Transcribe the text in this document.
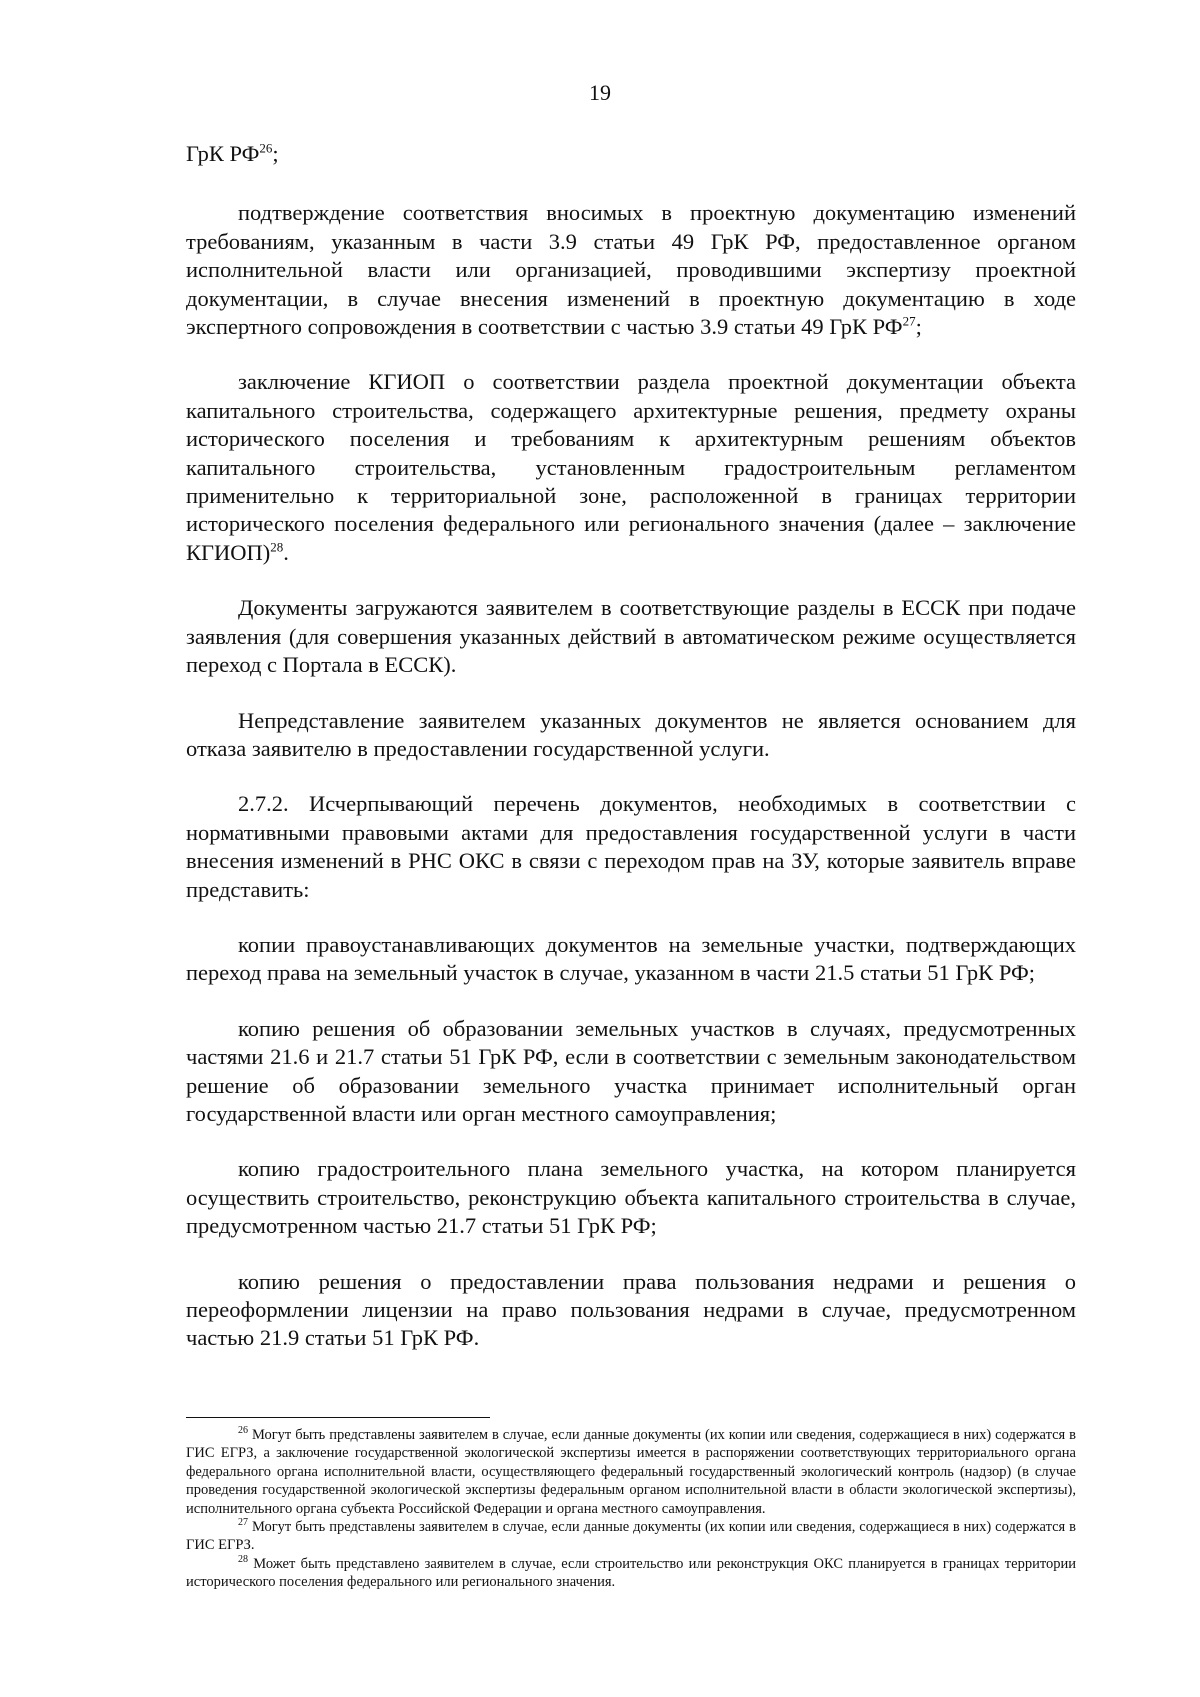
19

ГрК РФ$^{26}$;

подтверждение соответствия вносимых в проектную документацию изменений требованиям, указанным в части 3.9 статьи 49 ГрК РФ, предоставленное органом исполнительной власти или организацией, проводившими экспертизу проектной документации, в случае внесения изменений в проектную документацию в ходе экспертного сопровождения в соответствии с частью 3.9 статьи 49 ГрК РФ$^{27}$;

заключение КГИОП о соответствии раздела проектной документации объекта капитального строительства, содержащего архитектурные решения, предмету охраны исторического поселения и требованиям к архитектурным решениям объектов капитального строительства, установленным градостроительным регламентом применительно к территориальной зоне, расположенной в границах территории исторического поселения федерального или регионального значения (далее – заключение КГИОП)$^{28}$.

Документы загружаются заявителем в соответствующие разделы в ЕССК при подаче заявления (для совершения указанных действий в автоматическом режиме осуществляется переход с Портала в ЕССК).

Непредставление заявителем указанных документов не является основанием для отказа заявителю в предоставлении государственной услуги.

2.7.2. Исчерпывающий перечень документов, необходимых в соответствии с нормативными правовыми актами для предоставления государственной услуги в части внесения изменений в РНС ОКС в связи с переходом прав на ЗУ, которые заявитель вправе представить:

копии правоустанавливающих документов на земельные участки, подтверждающих переход права на земельный участок в случае, указанном в части 21.5 статьи 51 ГрК РФ;

копию решения об образовании земельных участков в случаях, предусмотренных частями 21.6 и 21.7 статьи 51 ГрК РФ, если в соответствии с земельным законодательством решение об образовании земельного участка принимает исполнительный орган государственной власти или орган местного самоуправления;

копию градостроительного плана земельного участка, на котором планируется осуществить строительство, реконструкцию объекта капитального строительства в случае, предусмотренном частью 21.7 статьи 51 ГрК РФ;

копию решения о предоставлении права пользования недрами и решения о переоформлении лицензии на право пользования недрами в случае, предусмотренном частью 21.9 статьи 51 ГрК РФ.

$^{26}$ Могут быть представлены заявителем в случае, если данные документы (их копии или сведения, содержащиеся в них) содержатся в ГИС ЕГРЗ, а заключение государственной экологической экспертизы имеется в распоряжении соответствующих территориального органа федерального органа исполнительной власти, осуществляющего федеральный государственный экологический контроль (надзор) (в случае проведения государственной экологической экспертизы федеральным органом исполнительной власти в области экологической экспертизы), исполнительного органа субъекта Российской Федерации и органа местного самоуправления.

$^{27}$ Могут быть представлены заявителем в случае, если данные документы (их копии или сведения, содержащиеся в них) содержатся в ГИС ЕГРЗ.

$^{28}$ Может быть представлено заявителем в случае, если строительство или реконструкция ОКС планируется в границах территории исторического поселения федерального или регионального значения.
